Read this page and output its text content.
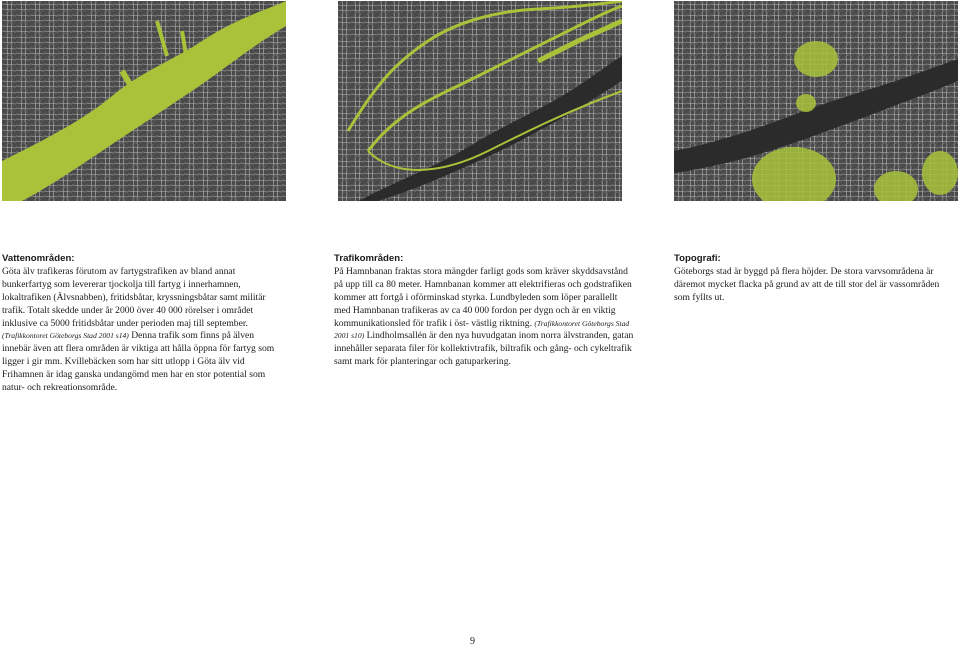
Vattenområden:

Göta älv trafikeras förutom av fartygstrafiken av bland annat bunkerfartyg som levererar tjockolja till fartyg i innerhamnen, lokaltrafiken (Älvsnabben), fritidsbåtar, kryssningsbåtar samt militär trafik. Totalt skedde under år 2000 över 40 000 rörelser i området inklusive ca 5000 fritidsbåtar under perioden maj till september. (Trafikkontoret Göteborgs Stad 2001 s14) Denna trafik som finns på älven innebär även att flera områden är viktiga att hålla öppna för fartyg som ligger i gir mm. Kvillebäcken som har sitt utlopp i Göta älv vid Frihamnen är idag ganska undangömd men har en stor potential som natur- och rekreationsområde.

Trafikområden:

På Hamnbanan fraktas stora mängder farligt gods som kräver skyddsavstånd på upp till ca 80 meter. Hamnbanan kommer att elektrifieras och godstrafiken kommer att fortgå i oförminskad styrka. Lundbyleden som löper parallellt med Hamnbanan trafikeras av ca 40 000 fordon per dygn och är en viktig kommunikationsled för trafik i öst- västlig riktning. (Trafikkontoret Göteborgs Stad 2001 s10) Lindholmsallén är den nya huvudgatan inom norra älvstranden, gatan innehåller separata filer för kollektivtrafik, biltrafik och gång- och cykeltrafik samt mark för planteringar och gatuparkering.

Topografi:

Göteborgs stad är byggd på flera höjder. De stora varvsområdena är däremot mycket flacka på grund av att de till stor del är vassområden som fyllts ut.

9
